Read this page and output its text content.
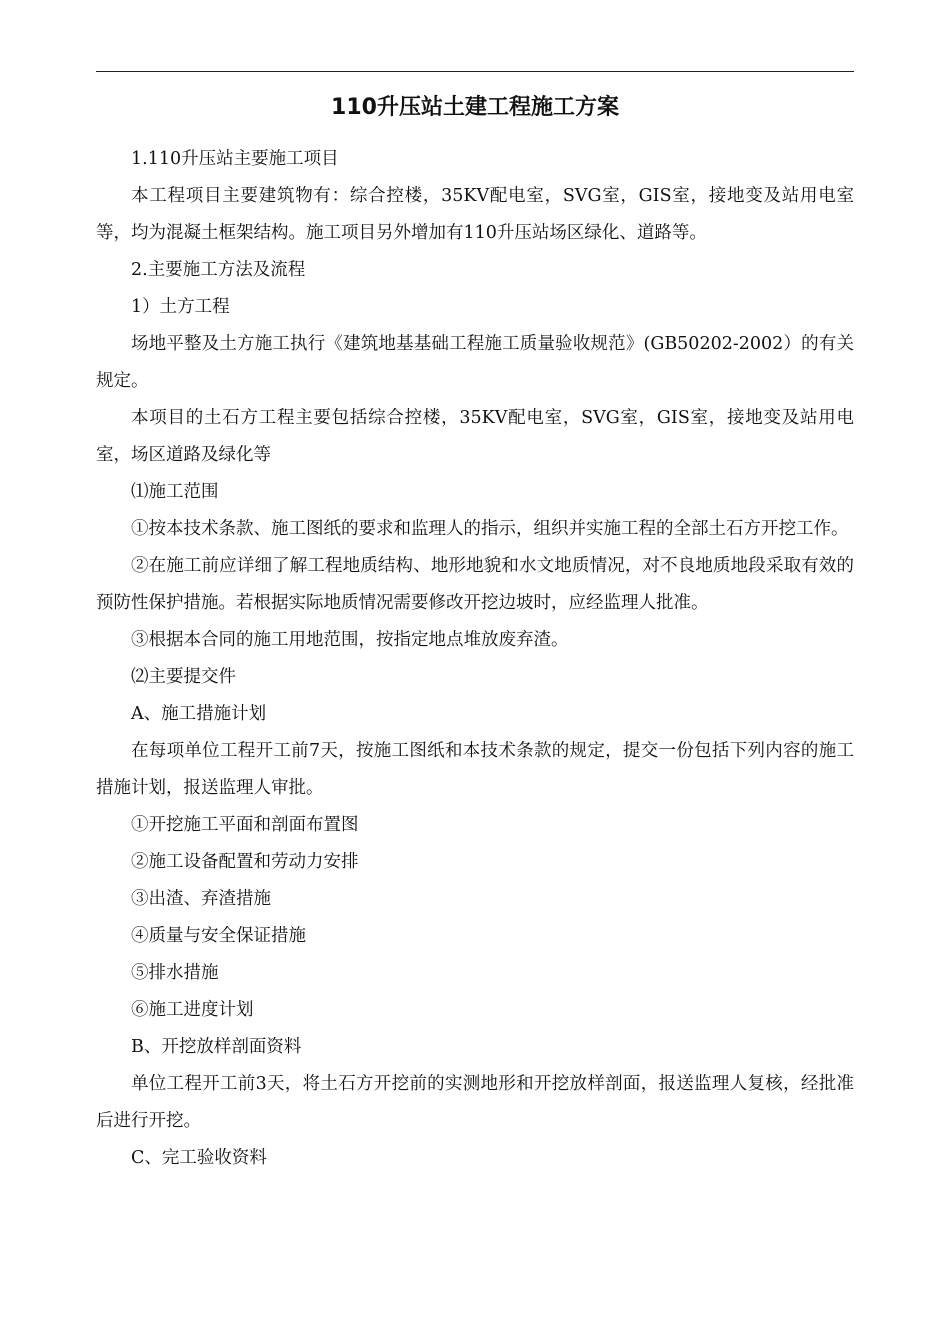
110升压站土建工程施工方案

1.110升压站主要施工项目

本工程项目主要建筑物有：综合控楼，35KV配电室，SVG室，GIS室，接地变及站用电室等，均为混凝土框架结构。施工项目另外增加有110升压站场区绿化、道路等。

2.主要施工方法及流程

1）土方工程

场地平整及土方施工执行《建筑地基基础工程施工质量验收规范》(GB50202-2002）的有关规定。

本项目的土石方工程主要包括综合控楼，35KV配电室，SVG室，GIS室，接地变及站用电室，场区道路及绿化等

⑴施工范围

①按本技术条款、施工图纸的要求和监理人的指示，组织并实施工程的全部土石方开挖工作。

②在施工前应详细了解工程地质结构、地形地貌和水文地质情况，对不良地质地段采取有效的预防性保护措施。若根据实际地质情况需要修改开挖边坡时，应经监理人批准。

③根据本合同的施工用地范围，按指定地点堆放废弃渣。

⑵主要提交件

A、施工措施计划

在每项单位工程开工前7天，按施工图纸和本技术条款的规定，提交一份包括下列内容的施工措施计划，报送监理人审批。

①开挖施工平面和剖面布置图

②施工设备配置和劳动力安排

③出渣、弃渣措施

④质量与安全保证措施

⑤排水措施

⑥施工进度计划

B、开挖放样剖面资料

单位工程开工前3天，将土石方开挖前的实测地形和开挖放样剖面，报送监理人复核，经批准后进行开挖。

C、完工验收资料
